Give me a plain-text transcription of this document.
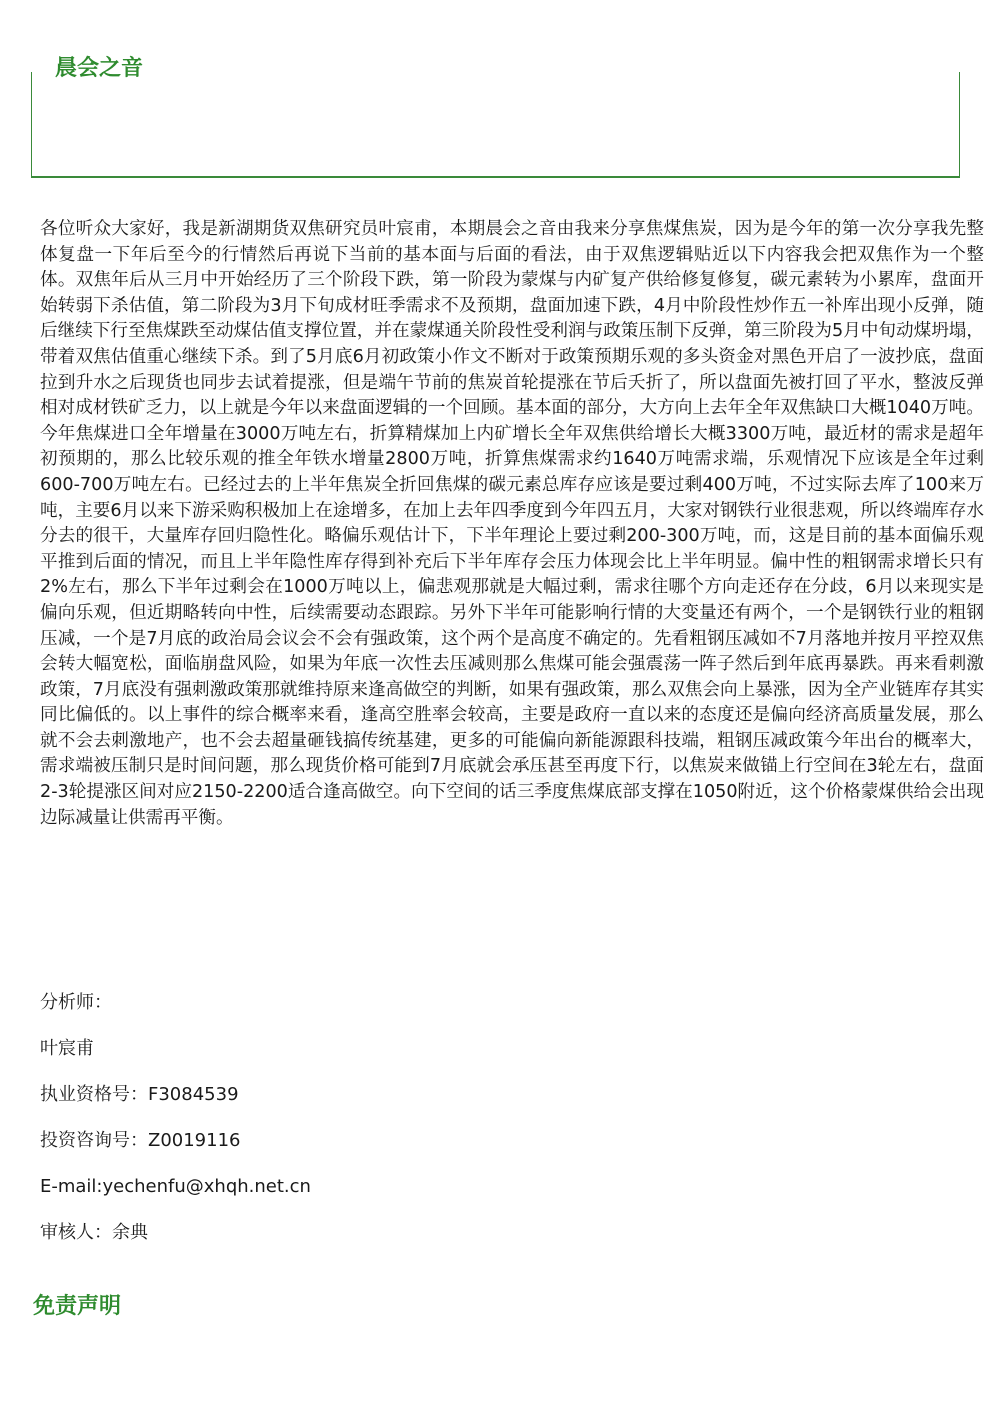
晨会之音

各位听众大家好，我是新湖期货双焦研究员叶宸甫，本期晨会之音由我来分享焦煤焦炭，因为是今年的第一次分享我先整体复盘一下年后至今的行情然后再说下当前的基本面与后面的看法，由于双焦逻辑贴近以下内容我会把双焦作为一个整体。双焦年后从三月中开始经历了三个阶段下跌，第一阶段为蒙煤与内矿复产供给修复修复，碳元素转为小累库，盘面开始转弱下杀估值，第二阶段为3月下旬成材旺季需求不及预期，盘面加速下跌，4月中阶段性炒作五一补库出现小反弹，随后继续下行至焦煤跌至动煤估值支撑位置，并在蒙煤通关阶段性受利润与政策压制下反弹，第三阶段为5月中旬动煤坍塌，带着双焦估值重心继续下杀。到了5月底6月初政策小作文不断对于政策预期乐观的多头资金对黑色开启了一波抄底，盘面拉到升水之后现货也同步去试着提涨，但是端午节前的焦炭首轮提涨在节后夭折了，所以盘面先被打回了平水，整波反弹相对成材铁矿乏力，以上就是今年以来盘面逻辑的一个回顾。基本面的部分，大方向上去年全年双焦缺口大概1040万吨。今年焦煤进口全年增量在3000万吨左右，折算精煤加上内矿增长全年双焦供给增长大概3300万吨，最近材的需求是超年初预期的，那么比较乐观的推全年铁水增量2800万吨，折算焦煤需求约1640万吨需求端，乐观情况下应该是全年过剩600-700万吨左右。已经过去的上半年焦炭全折回焦煤的碳元素总库存应该是要过剩400万吨，不过实际去库了100来万吨，主要6月以来下游采购积极加上在途增多，在加上去年四季度到今年四五月，大家对钢铁行业很悲观，所以终端库存水分去的很干，大量库存回归隐性化。略偏乐观估计下，下半年理论上要过剩200-300万吨，而，这是目前的基本面偏乐观平推到后面的情况，而且上半年隐性库存得到补充后下半年库存会压力体现会比上半年明显。偏中性的粗钢需求增长只有2%左右，那么下半年过剩会在1000万吨以上，偏悲观那就是大幅过剩，需求往哪个方向走还存在分歧，6月以来现实是偏向乐观，但近期略转向中性，后续需要动态跟踪。另外下半年可能影响行情的大变量还有两个，一个是钢铁行业的粗钢压减，一个是7月底的政治局会议会不会有强政策，这个两个是高度不确定的。先看粗钢压减如不7月落地并按月平控双焦会转大幅宽松，面临崩盘风险，如果为年底一次性去压减则那么焦煤可能会强震荡一阵子然后到年底再暴跌。再来看刺激政策，7月底没有强刺激政策那就维持原来逢高做空的判断，如果有强政策，那么双焦会向上暴涨，因为全产业链库存其实同比偏低的。以上事件的综合概率来看，逢高空胜率会较高，主要是政府一直以来的态度还是偏向经济高质量发展，那么就不会去刺激地产，也不会去超量砸钱搞传统基建，更多的可能偏向新能源跟科技端，粗钢压减政策今年出台的概率大，需求端被压制只是时间问题，那么现货价格可能到7月底就会承压甚至再度下行，以焦炭来做锚上行空间在3轮左右，盘面2-3轮提涨区间对应2150-2200适合逢高做空。向下空间的话三季度焦煤底部支撑在1050附近，这个价格蒙煤供给会出现边际减量让供需再平衡。

分析师：
叶宸甫
执业资格号：F3084539
投资咨询号：Z0019116
E-mail:yechenfu@xhqh.net.cn
审核人：余典
免责声明
